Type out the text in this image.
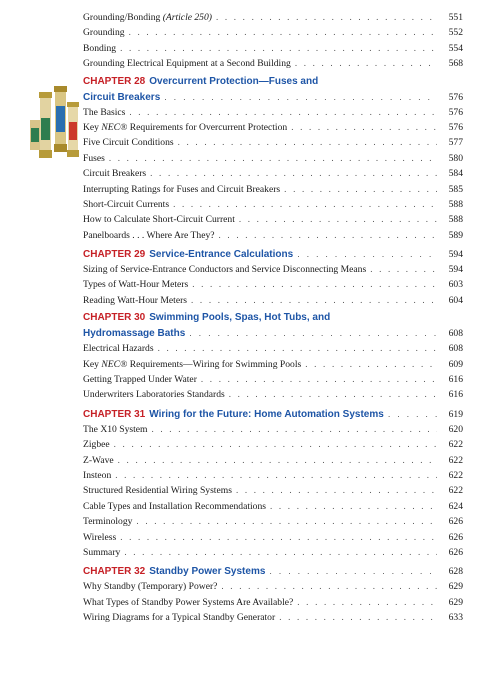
Grounding/Bonding (Article 250) . . .	551
Grounding . . .	552
Bonding . . .	554
Grounding Electrical Equipment at a Second Building . . .	568
CHAPTER 28 Overcurrent Protection—Fuses and
Circuit Breakers . . .	576
The Basics . . .	576
Key NEC® Requirements for Overcurrent Protection . . .	576
Five Circuit Conditions . . .	577
Fuses . . .	580
Circuit Breakers . . .	584
Interrupting Ratings for Fuses and Circuit Breakers . . .	585
Short-Circuit Currents . . .	588
How to Calculate Short-Circuit Current . . .	588
Panelboards . . . Where Are They? . . .	589
CHAPTER 29 Service-Entrance Calculations . . .	594
Sizing of Service-Entrance Conductors and Service Disconnecting Means . . .	594
Types of Watt-Hour Meters . . .	603
Reading Watt-Hour Meters . . .	604
CHAPTER 30 Swimming Pools, Spas, Hot Tubs, and
Hydromassage Baths . . .	608
Electrical Hazards . . .	608
Key NEC® Requirements—Wiring for Swimming Pools . . .	609
Getting Trapped Under Water . . .	616
Underwriters Laboratories Standards . . .	616
CHAPTER 31 Wiring for the Future: Home Automation Systems . . .	619
The X10 System . . .	620
Zigbee . . .	622
Z-Wave . . .	622
Insteon . . .	622
Structured Residential Wiring Systems . . .	622
Cable Types and Installation Recommendations . . .	624
Terminology . . .	626
Wireless . . .	626
Summary . . .	626
CHAPTER 32 Standby Power Systems . . .	628
Why Standby (Temporary) Power? . . .	629
What Types of Standby Power Systems Are Available? . . .	629
Wiring Diagrams for a Typical Standby Generator . . .	633
